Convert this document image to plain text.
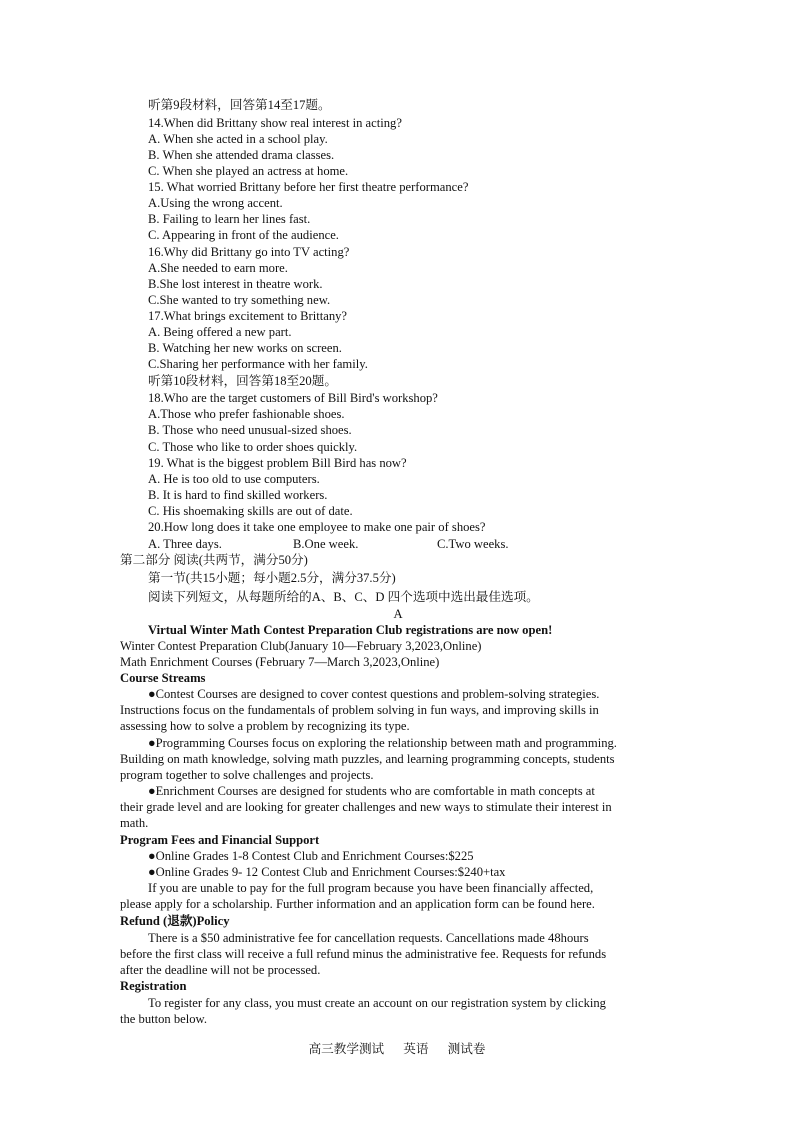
听第9段材料，回答第14至17题。
14.When did Brittany show real interest in acting?
A. When she acted in a school play.
B. When she attended drama classes.
C. When she played an actress at home.
15. What worried Brittany before her first theatre performance?
A.Using the wrong accent.
B. Failing to learn her lines fast.
C. Appearing in front of the audience.
16.Why did Brittany go into TV acting?
A.She needed to earn more.
B.She lost interest in theatre work.
C.She wanted to try something new.
17.What brings excitement to Brittany?
A. Being offered a new part.
B. Watching her new works on screen.
C.Sharing her performance with her family.
听第10段材料，回答第18至20题。
18.Who are the target customers of Bill Bird's workshop?
A.Those who prefer fashionable shoes.
B. Those who need unusual-sized shoes.
C. Those who like to order shoes quickly.
19. What is the biggest problem Bill Bird has now?
A. He is too old to use computers.
B. It is hard to find skilled workers.
C. His shoemaking skills are out of date.
20.How long does it take one employee to make one pair of shoes?
A. Three days.	B.One week.	C.Two weeks.
第二部分 阅读(共两节，满分50分)
第一节(共15小题；每小题2.5分，满分37.5分)
阅读下列短文，从每题所给的A、B、C、D 四个选项中选出最佳选项。
A
Virtual Winter Math Contest Preparation Club registrations are now open!
Winter Contest Preparation Club(January 10—February 3,2023,Online)
Math Enrichment Courses (February 7—March 3,2023,Online)
Course Streams
●Contest Courses are designed to cover contest questions and problem-solving strategies.
Instructions focus on the fundamentals of problem solving in fun ways, and improving skills in
assessing how to solve a problem by recognizing its type.
●Programming Courses focus on exploring the relationship between math and programming.
Building on math knowledge, solving math puzzles, and learning programming concepts, students
program together to solve challenges and projects.
●Enrichment Courses are designed for students who are comfortable in math concepts at
their grade level and are looking for greater challenges and new ways to stimulate their interest in
math.
Program Fees and Financial Support
●Online Grades 1-8 Contest Club and Enrichment Courses:$225
●Online Grades 9- 12 Contest Club and Enrichment Courses:$240+tax
If you are unable to pay for the full program because you have been financially affected,
please apply for a scholarship. Further information and an application form can be found here.
Refund (退款)Policy
There is a $50 administrative fee for cancellation requests. Cancellations made 48hours
before the first class will receive a full refund minus the administrative fee. Requests for refunds
after the deadline will not be processed.
Registration
To register for any class, you must create an account on our registration system by clicking
the button below.
高三教学测试 英语 测试卷
